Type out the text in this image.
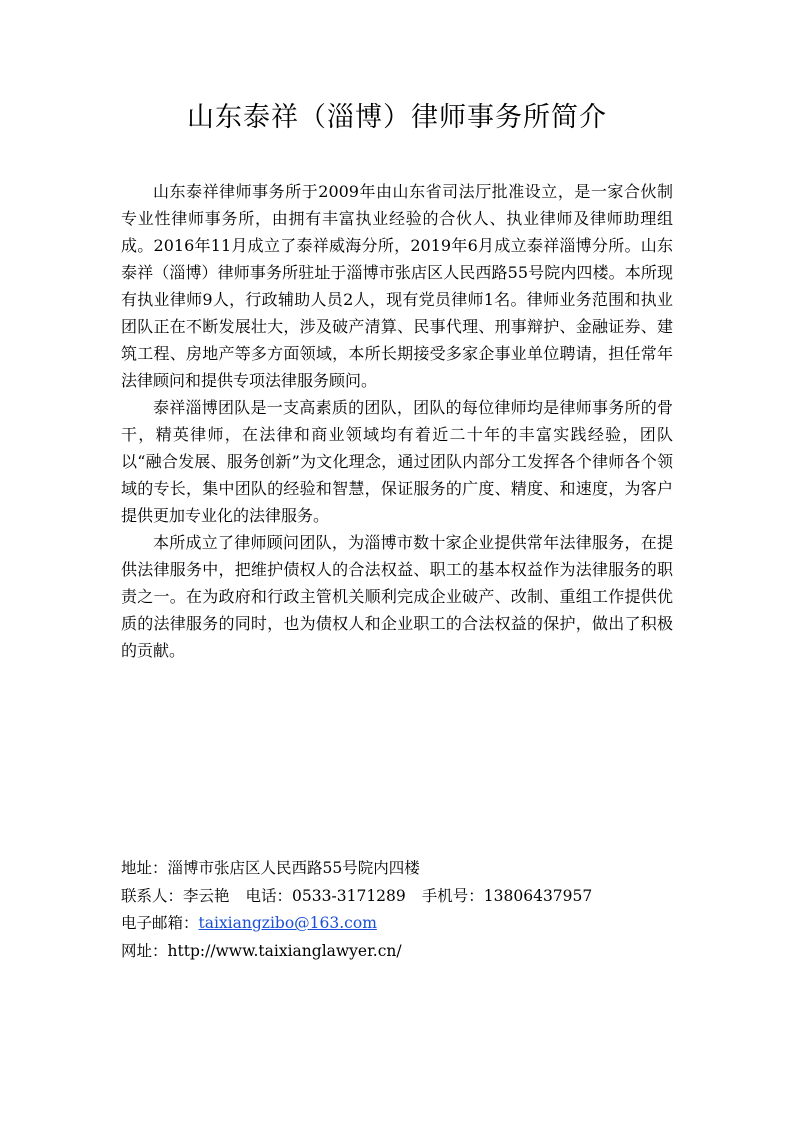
山东泰祥（淄博）律师事务所简介

山东泰祥律师事务所于2009年由山东省司法厅批准设立，是一家合伙制专业性律师事务所，由拥有丰富执业经验的合伙人、执业律师及律师助理组成。2016年11月成立了泰祥威海分所，2019年6月成立泰祥淄博分所。山东泰祥（淄博）律师事务所驻址于淄博市张店区人民西路55号院内四楼。本所现有执业律师9人，行政辅助人员2人，现有党员律师1名。律师业务范围和执业团队正在不断发展壮大，涉及破产清算、民事代理、刑事辩护、金融证券、建筑工程、房地产等多方面领域，本所长期接受多家企事业单位聘请，担任常年法律顾问和提供专项法律服务顾问。

泰祥淄博团队是一支高素质的团队，团队的每位律师均是律师事务所的骨干，精英律师，在法律和商业领域均有着近二十年的丰富实践经验，团队以“融合发展、服务创新”为文化理念，通过团队内部分工发挥各个律师各个领域的专长，集中团队的经验和智慧，保证服务的广度、精度、和速度，为客户提供更加专业化的法律服务。

本所成立了律师顾问团队，为淄博市数十家企业提供常年法律服务，在提供法律服务中，把维护债权人的合法权益、职工的基本权益作为法律服务的职责之一。在为政府和行政主管机关顺利完成企业破产、改制、重组工作提供优质的法律服务的同时，也为债权人和企业职工的合法权益的保护，做出了积极的贡献。

地址：淄博市张店区人民西路55号院内四楼
联系人：李云艳 电话：0533-3171289 手机号：13806437957
电子邮箱：taixiangzibo@163.com
网址：http://www.taixianglawyer.cn/
